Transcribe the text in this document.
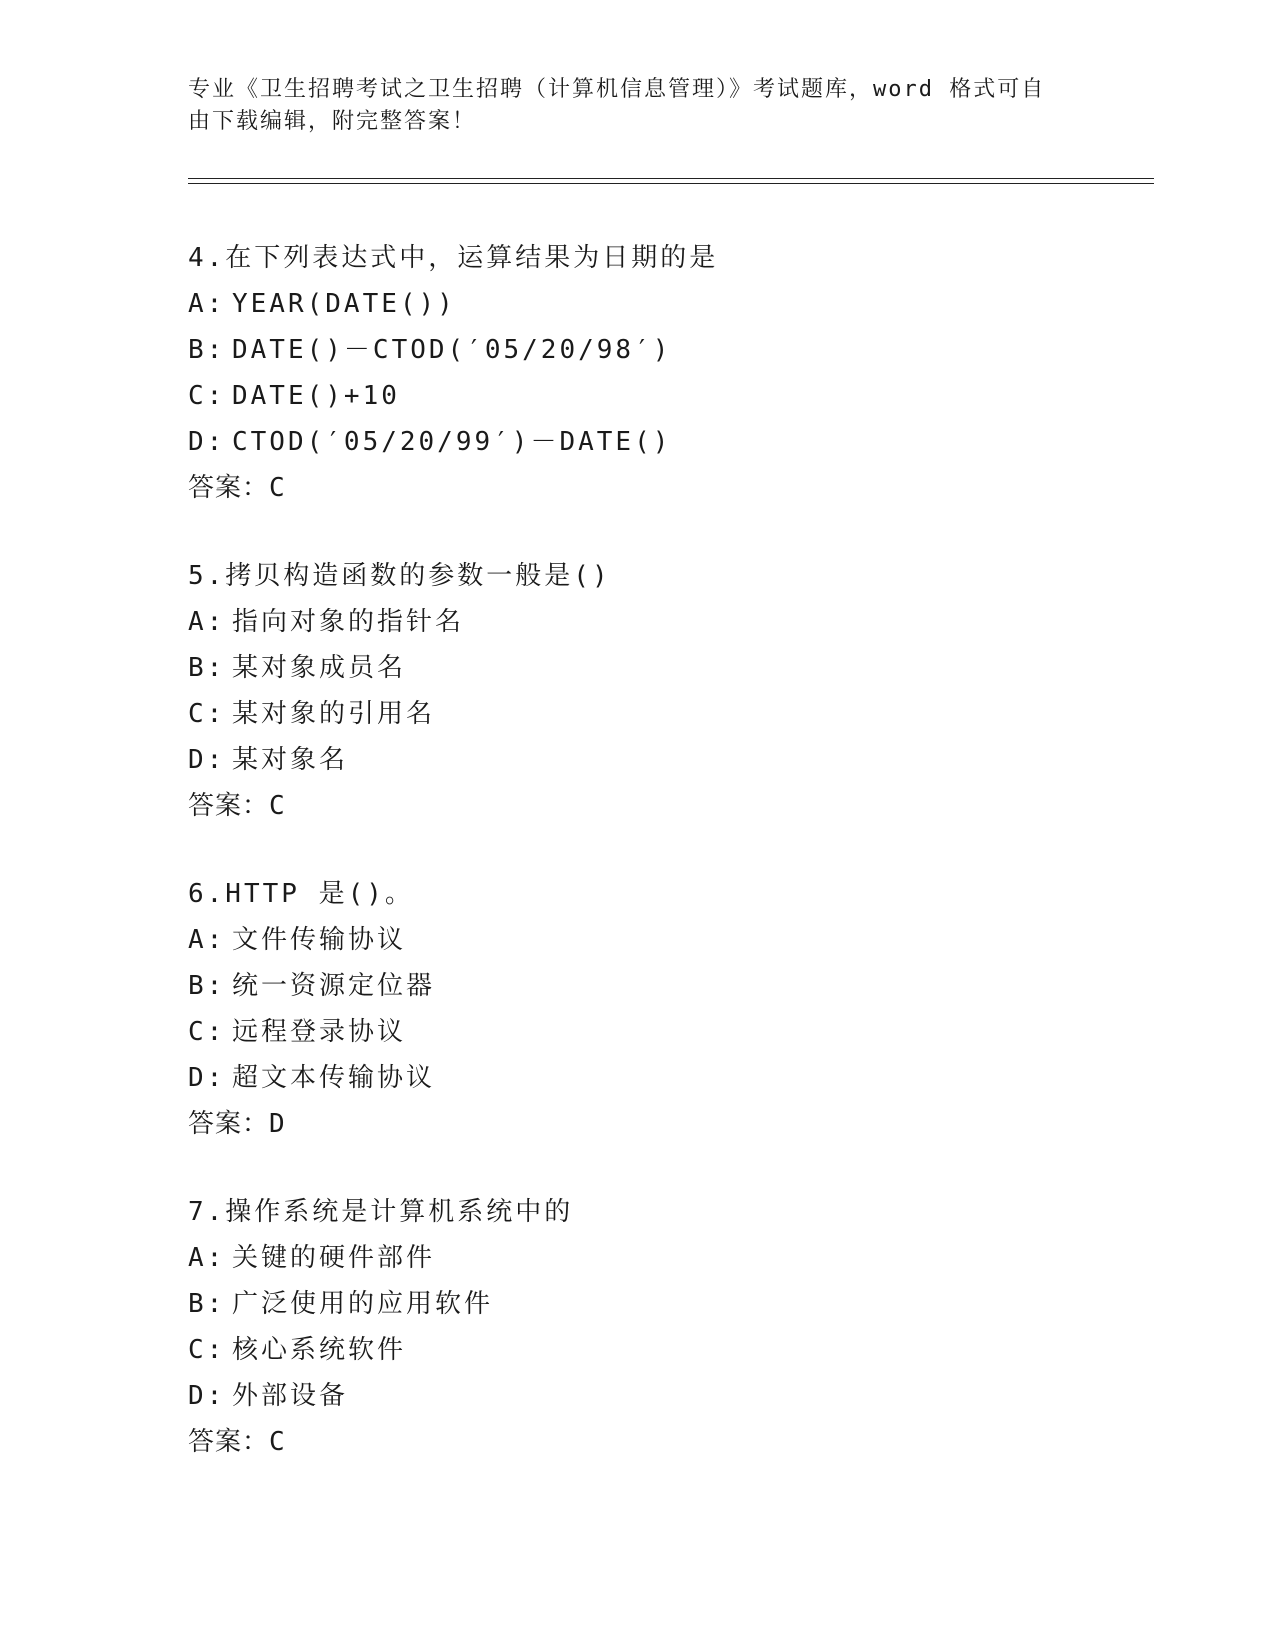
专业《卫生招聘考试之卫生招聘（计算机信息管理）》考试题库，word 格式可自
由下载编辑，附完整答案！
4.在下列表达式中，运算结果为日期的是
A: YEAR(DATE())
B: DATE()－CTOD(′05/20/98′)
C: DATE()+10
D: CTOD(′05/20/99′)－DATE()
答案：C
5.拷贝构造函数的参数一般是()
A: 指向对象的指针名
B: 某对象成员名
C: 某对象的引用名
D: 某对象名
答案：C
6.HTTP 是()。
A: 文件传输协议
B: 统一资源定位器
C: 远程登录协议
D: 超文本传输协议
答案：D
7.操作系统是计算机系统中的
A: 关键的硬件部件
B: 广泛使用的应用软件
C: 核心系统软件
D: 外部设备
答案：C
